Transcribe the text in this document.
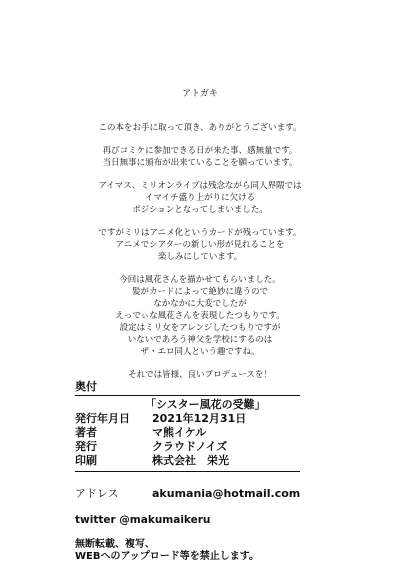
アトガキ
この本をお手に取って頂き、ありがとうございます。
再びコミケに参加できる日が来た事、感無量です。
当日無事に頒布が出来ていることを願っています。
アイマス、ミリオンライブは残念ながら同人界隈では
イマイチ盛り上がりに欠ける
ポジションとなってしまいました。
ですがミリはアニメ化というカードが残っています。
アニメでシアターの新しい形が見れることを
楽しみにしています。
今回は風花さんを描かせてもらいました。
髪がカードによって絶妙に違うので
なかなかに大変でしたが
えっでぃな風花さんを表現したつもりです。
設定はミリ女をアレンジしたつもりですが
いないであろう神父を学校にするのは
ザ・エロ同人という趣ですね。
それでは皆様、良いプロデュースを！
奥付
「シスター風花の受難」
発行年月日	2021年12月31日
著者	マ熊イケル
発行	クラウドノイズ
印刷	株式会社　栄光
アドレス	akumania@hotmail.com
twitter @makumaikeru
無断転載、複写、
WEBへのアップロード等を禁止します。
